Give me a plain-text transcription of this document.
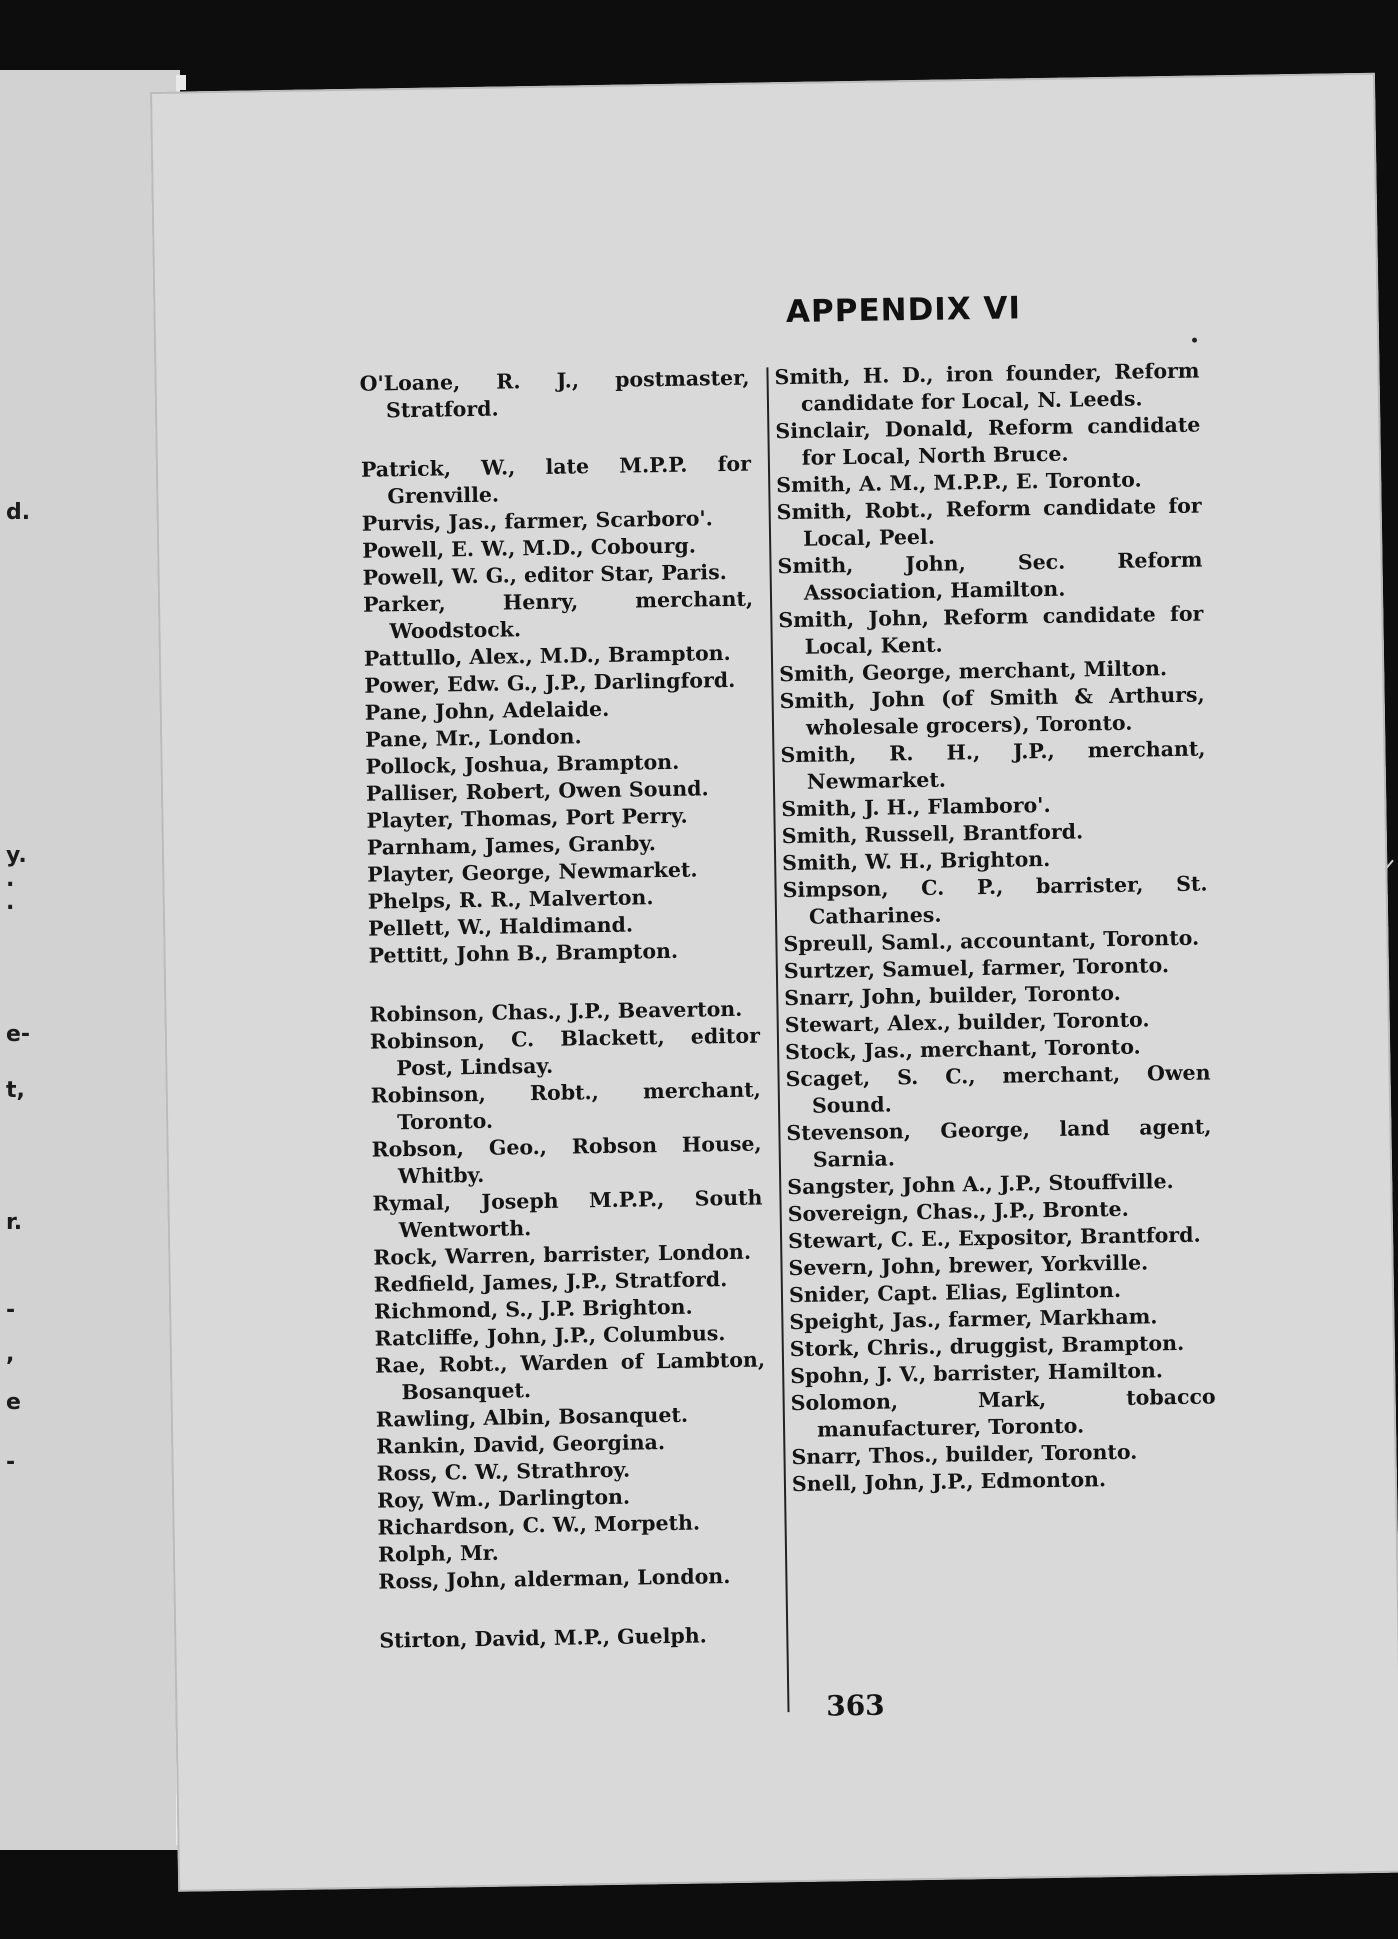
d.
y.
.
.
e-
t,
r.
-
,
e
-
APPENDIX VI
O'Loane, R. J., postmaster, Stratford.
Patrick, W., late M.P.P. for Grenville.
Purvis, Jas., farmer, Scarboro'.
Powell, E. W., M.D., Cobourg.
Powell, W. G., editor Star, Paris.
Parker, Henry, merchant, Woodstock.
Pattullo, Alex., M.D., Brampton.
Power, Edw. G., J.P., Darlingford.
Pane, John, Adelaide.
Pane, Mr., London.
Pollock, Joshua, Brampton.
Palliser, Robert, Owen Sound.
Playter, Thomas, Port Perry.
Parnham, James, Granby.
Playter, George, Newmarket.
Phelps, R. R., Malverton.
Pellett, W., Haldimand.
Pettitt, John B., Brampton.
Robinson, Chas., J.P., Beaverton.
Robinson, C. Blackett, editor Post, Lindsay.
Robinson, Robt., merchant, Toronto.
Robson, Geo., Robson House, Whitby.
Rymal, Joseph M.P.P., South Wentworth.
Rock, Warren, barrister, London.
Redfield, James, J.P., Stratford.
Richmond, S., J.P. Brighton.
Ratcliffe, John, J.P., Columbus.
Rae, Robt., Warden of Lambton, Bosanquet.
Rawling, Albin, Bosanquet.
Rankin, David, Georgina.
Ross, C. W., Strathroy.
Roy, Wm., Darlington.
Richardson, C. W., Morpeth.
Rolph, Mr.
Ross, John, alderman, London.
Stirton, David, M.P., Guelph.
Smith, H. D., iron founder, Reform candidate for Local, N. Leeds.
Sinclair, Donald, Reform candidate for Local, North Bruce.
Smith, A. M., M.P.P., E. Toronto.
Smith, Robt., Reform candidate for Local, Peel.
Smith, John, Sec. Reform Association, Hamilton.
Smith, John, Reform candidate for Local, Kent.
Smith, George, merchant, Milton.
Smith, John (of Smith & Arthurs, wholesale grocers), Toronto.
Smith, R. H., J.P., merchant, Newmarket.
Smith, J. H., Flamboro'.
Smith, Russell, Brantford.
Smith, W. H., Brighton.
Simpson, C. P., barrister, St. Catharines.
Spreull, Saml., accountant, Toronto.
Surtzer, Samuel, farmer, Toronto.
Snarr, John, builder, Toronto.
Stewart, Alex., builder, Toronto.
Stock, Jas., merchant, Toronto.
Scaget, S. C., merchant, Owen Sound.
Stevenson, George, land agent, Sarnia.
Sangster, John A., J.P., Stouffville.
Sovereign, Chas., J.P., Bronte.
Stewart, C. E., Expositor, Brantford.
Severn, John, brewer, Yorkville.
Snider, Capt. Elias, Eglinton.
Speight, Jas., farmer, Markham.
Stork, Chris., druggist, Brampton.
Spohn, J. V., barrister, Hamilton.
Solomon, Mark, tobacco manufacturer, Toronto.
Snarr, Thos., builder, Toronto.
Snell, John, J.P., Edmonton.
363
